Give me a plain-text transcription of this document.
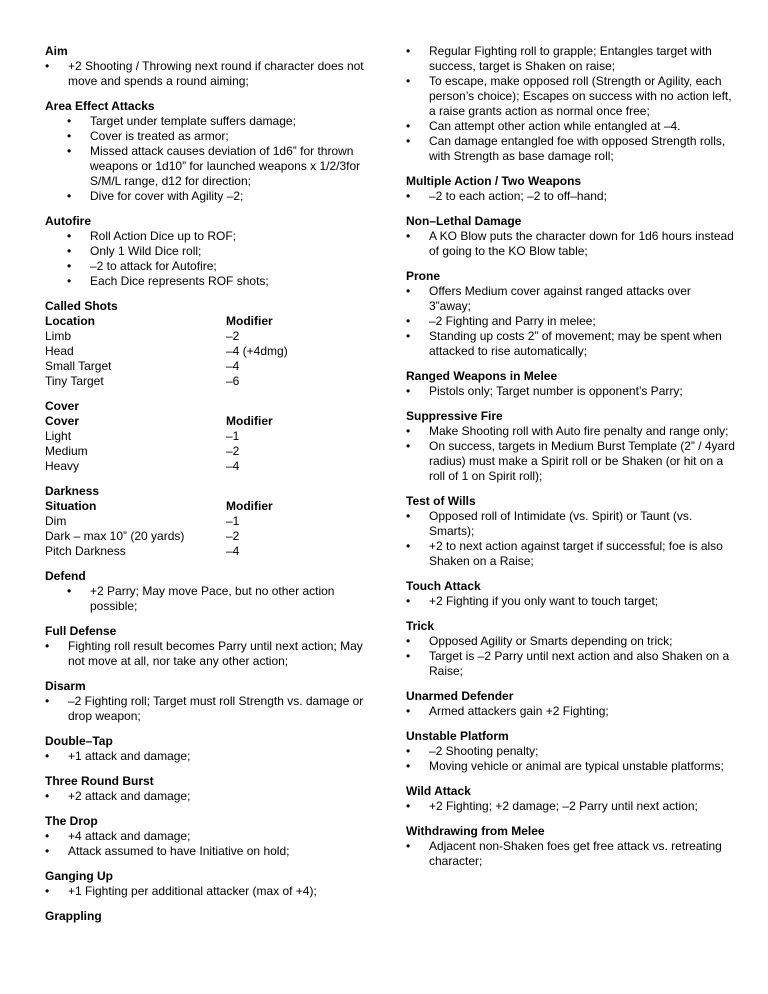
Aim
• +2 Shooting / Throwing next round if character does not move and spends a round aiming;
Area Effect Attacks
• Target under template suffers damage;
• Cover is treated as armor;
• Missed attack causes deviation of 1d6” for thrown weapons or 1d10” for launched weapons x 1/2/3for S/M/L range, d12 for direction;
• Dive for cover with Agility –2;
Autofire
• Roll Action Dice up to ROF;
• Only 1 Wild Dice roll;
• –2 to attack for Autofire;
• Each Dice represents ROF shots;
Called Shots
Location	Modifier
Limb	–2
Head	–4 (+4dmg)
Small Target	–4
Tiny Target	–6
Cover
Cover	Modifier
Light	–1
Medium	–2
Heavy	–4
Darkness
Situation	Modifier
Dim	–1
Dark – max 10” (20 yards)	–2
Pitch Darkness	–4
Defend
• +2 Parry; May move Pace, but no other action possible;
Full Defense
• Fighting roll result becomes Parry until next action; May not move at all, nor take any other action;
Disarm
• –2 Fighting roll; Target must roll Strength vs. damage or drop weapon;
Double–Tap
• +1 attack and damage;
Three Round Burst
• +2 attack and damage;
The Drop
• +4 attack and damage;
• Attack assumed to have Initiative on hold;
Ganging Up
• +1 Fighting per additional attacker (max of +4);
Grappling
• Regular Fighting roll to grapple; Entangles target with success, target is Shaken on raise;
• To escape, make opposed roll (Strength or Agility, each person’s choice); Escapes on success with no action left, a raise grants action as normal once free;
• Can attempt other action while entangled at –4.
• Can damage entangled foe with opposed Strength rolls, with Strength as base damage roll;
Multiple Action / Two Weapons
• –2 to each action; –2 to off–hand;
Non–Lethal Damage
• A KO Blow puts the character down for 1d6 hours instead of going to the KO Blow table;
Prone
• Offers Medium cover against ranged attacks over 3”away;
• –2 Fighting and Parry in melee;
• Standing up costs 2” of movement; may be spent when attacked to rise automatically;
Ranged Weapons in Melee
• Pistols only; Target number is opponent’s Parry;
Suppressive Fire
• Make Shooting roll with Auto fire penalty and range only;
• On success, targets in Medium Burst Template (2” / 4yard radius) must make a Spirit roll or be Shaken (or hit on a roll of 1 on Spirit roll);
Test of Wills
• Opposed roll of Intimidate (vs. Spirit) or Taunt (vs. Smarts);
• +2 to next action against target if successful; foe is also Shaken on a Raise;
Touch Attack
• +2 Fighting if you only want to touch target;
Trick
• Opposed Agility or Smarts depending on trick;
• Target is –2 Parry until next action and also Shaken on a Raise;
Unarmed Defender
• Armed attackers gain +2 Fighting;
Unstable Platform
• –2 Shooting penalty;
• Moving vehicle or animal are typical unstable platforms;
Wild Attack
• +2 Fighting; +2 damage; –2 Parry until next action;
Withdrawing from Melee
• Adjacent non-Shaken foes get free attack vs. retreating character;
